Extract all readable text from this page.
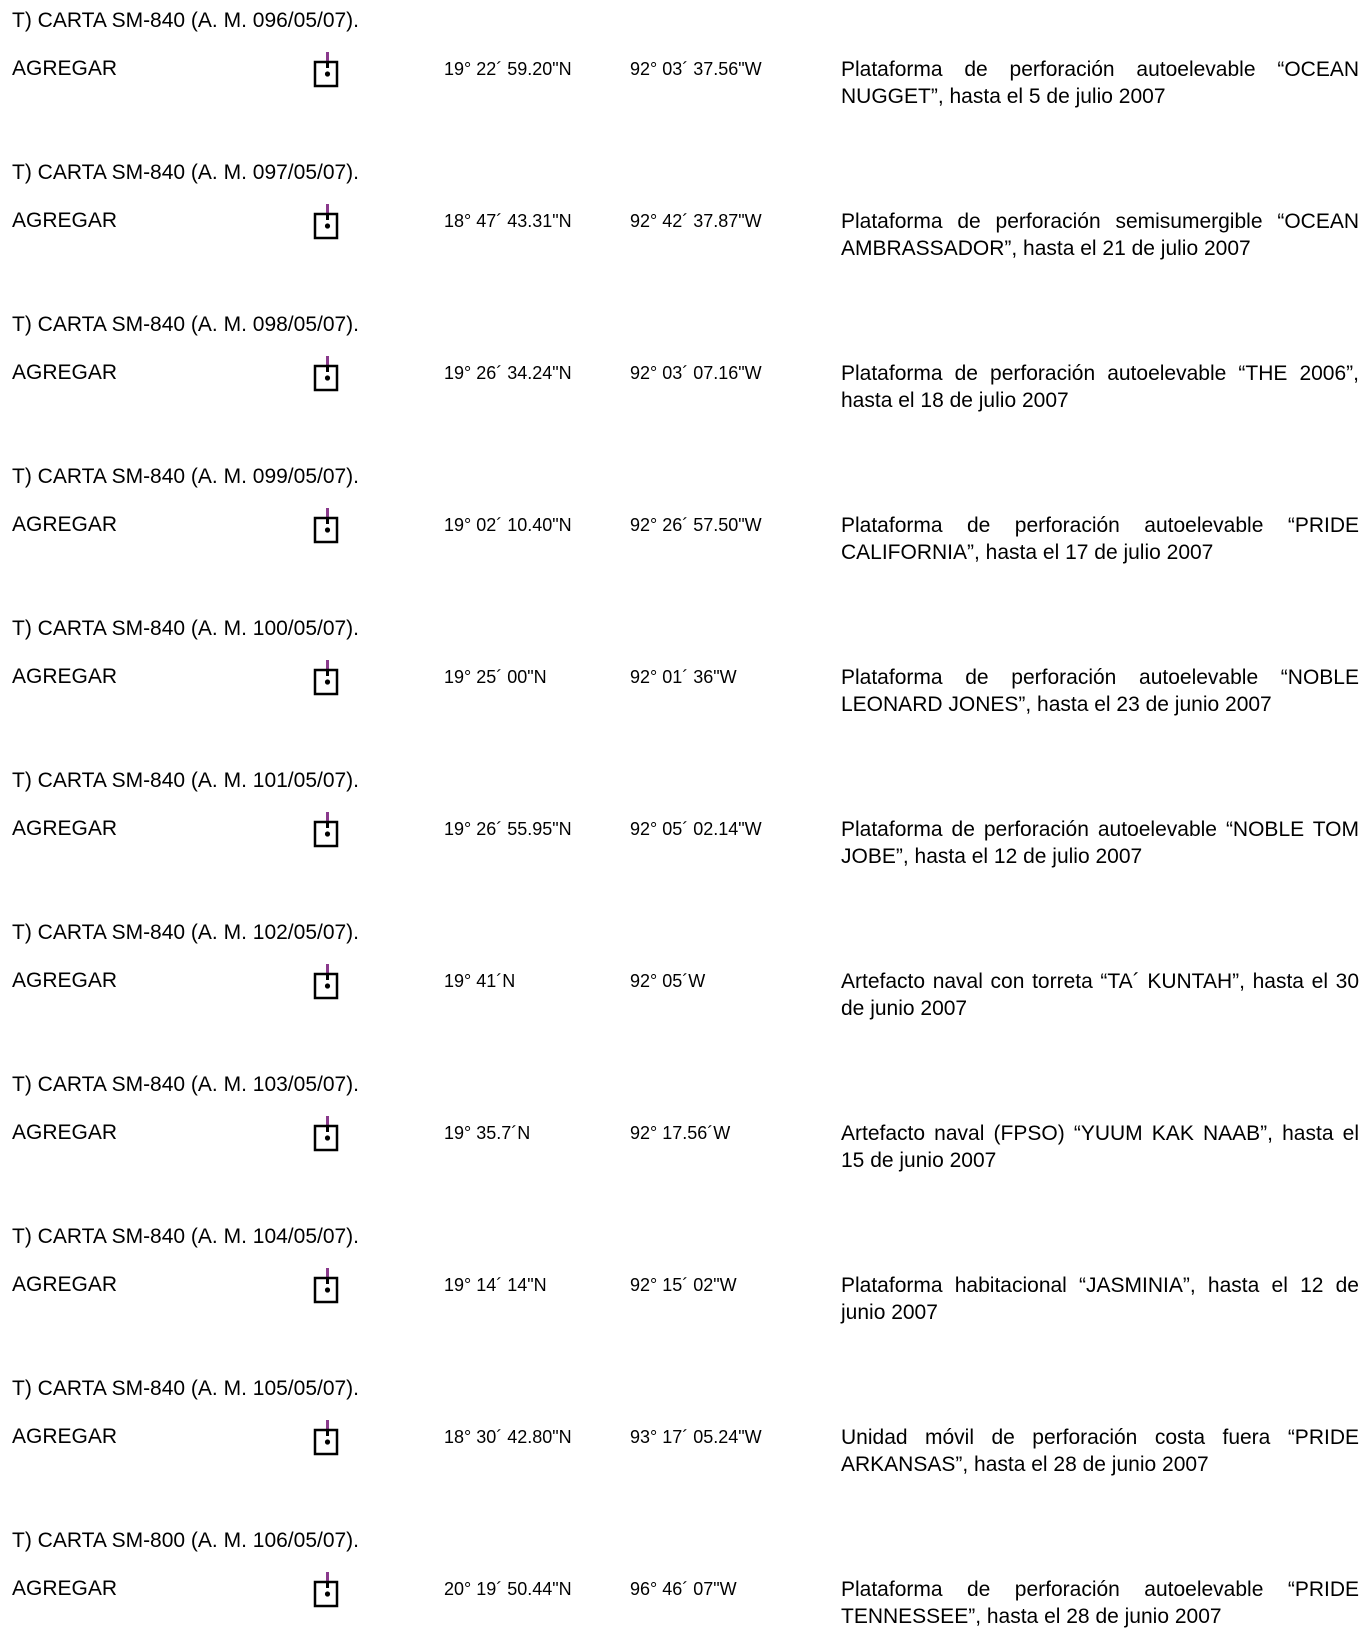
T) CARTA SM-840 (A. M. 096/05/07).
AGREGAR	19° 22´ 59.20"N	92° 03´ 37.56"W	Plataforma de perforación autoelevable “OCEAN NUGGET”, hasta el 5 de julio 2007
T) CARTA SM-840 (A. M. 097/05/07).
AGREGAR	18° 47´ 43.31"N	92° 42´ 37.87"W	Plataforma de perforación semisumergible “OCEAN AMBRASSADOR”, hasta el 21 de julio 2007
T) CARTA SM-840 (A. M. 098/05/07).
AGREGAR	19° 26´ 34.24"N	92° 03´ 07.16"W	Plataforma de perforación autoelevable “THE 2006”, hasta el 18 de julio 2007
T) CARTA SM-840 (A. M. 099/05/07).
AGREGAR	19° 02´ 10.40"N	92° 26´ 57.50"W	Plataforma de perforación autoelevable “PRIDE CALIFORNIA”, hasta el 17 de julio 2007
T) CARTA SM-840 (A. M. 100/05/07).
AGREGAR	19° 25´ 00"N	92° 01´ 36"W	Plataforma de perforación autoelevable “NOBLE LEONARD JONES”, hasta el 23 de junio 2007
T) CARTA SM-840 (A. M. 101/05/07).
AGREGAR	19° 26´ 55.95"N	92° 05´ 02.14"W	Plataforma de perforación autoelevable “NOBLE TOM JOBE”, hasta el 12 de julio 2007
T) CARTA SM-840 (A. M. 102/05/07).
AGREGAR	19° 41´N	92° 05´W	Artefacto naval con torreta “TA´ KUNTAH”, hasta el 30 de junio 2007
T) CARTA SM-840 (A. M. 103/05/07).
AGREGAR	19° 35.7´N	92° 17.56´W	Artefacto naval (FPSO) “YUUM KAK NAAB”, hasta el 15 de junio 2007
T) CARTA SM-840 (A. M. 104/05/07).
AGREGAR	19° 14´ 14"N	92° 15´ 02"W	Plataforma habitacional “JASMINIA”, hasta el 12 de junio 2007
T) CARTA SM-840 (A. M. 105/05/07).
AGREGAR	18° 30´ 42.80"N	93° 17´ 05.24"W	Unidad móvil de perforación costa fuera “PRIDE ARKANSAS”, hasta el 28 de junio 2007
T) CARTA SM-800 (A. M. 106/05/07).
AGREGAR	20° 19´ 50.44"N	96° 46´ 07"W	Plataforma de perforación autoelevable “PRIDE TENNESSEE”, hasta el 28 de junio 2007
